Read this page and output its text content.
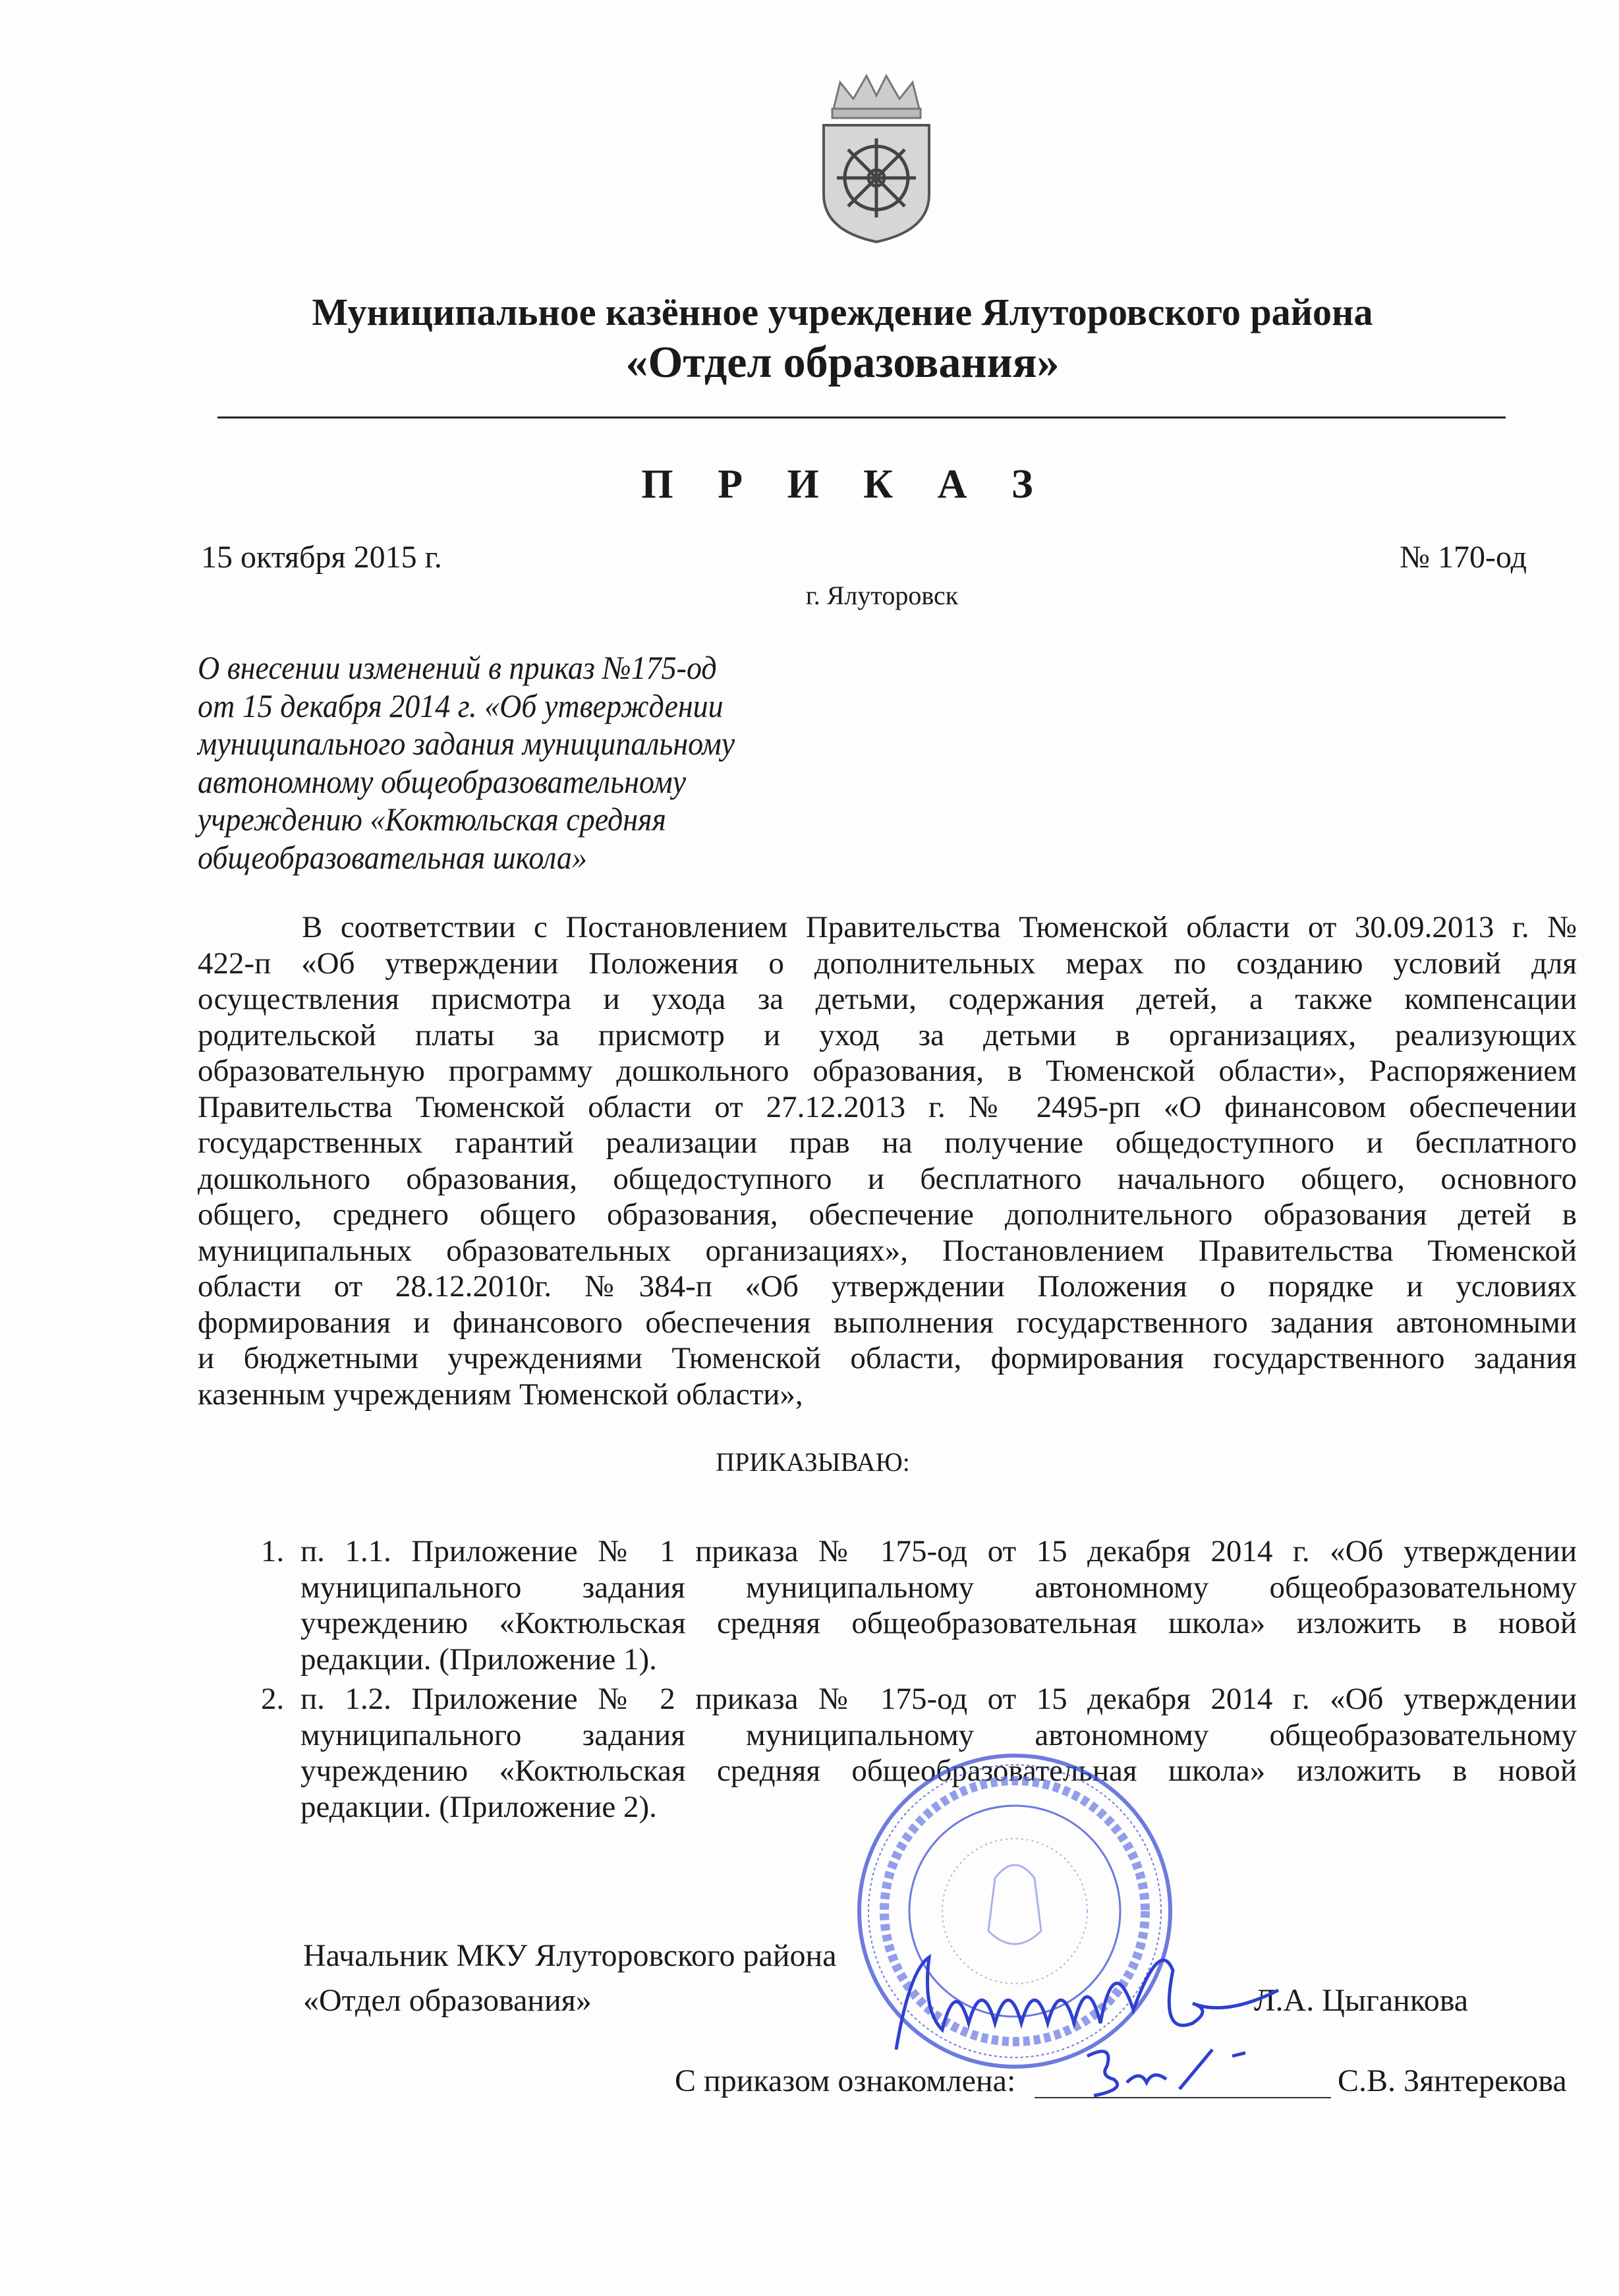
Муниципальное казённое учреждение Ялуторовского района
«Отдел образования»
П Р И К А З
15 октября 2015 г.	№ 170-од
г. Ялуторовск
О внесении изменений в приказ №175-од
от 15 декабря 2014 г. «Об утверждении
муниципального задания муниципальному
автономному общеобразовательному
учреждению «Коктюльская средняя
общеобразовательная школа»
В соответствии с Постановлением Правительства Тюменской области от 30.09.2013 г. №
422-п «Об утверждении Положения о дополнительных мерах по созданию условий для
осуществления присмотра и ухода за детьми, содержания детей, а также компенсации
родительской платы за присмотр и уход за детьми в организациях, реализующих
образовательную программу дошкольного образования, в Тюменской области», Распоряжением
Правительства Тюменской области от 27.12.2013 г. № 2495-рп «О финансовом обеспечении
государственных гарантий реализации прав на получение общедоступного и бесплатного
дошкольного образования, общедоступного и бесплатного начального общего, основного
общего, среднего общего образования, обеспечение дополнительного образования детей в
муниципальных образовательных организациях», Постановлением Правительства Тюменской
области от 28.12.2010г. №384-п «Об утверждении Положения о порядке и условиях
формирования и финансового обеспечения выполнения государственного задания автономными
и бюджетными учреждениями Тюменской области, формирования государственного задания
казенным учреждениям Тюменской области»,
ПРИКАЗЫВАЮ:
1. п. 1.1. Приложение № 1 приказа № 175-од от 15 декабря 2014 г. «Об утверждении
муниципального задания муниципальному автономному общеобразовательному
учреждению «Коктюльская средняя общеобразовательная школа» изложить в новой
редакции. (Приложение 1).
2. п. 1.2. Приложение № 2 приказа № 175-од от 15 декабря 2014 г. «Об утверждении
муниципального задания муниципальному автономному общеобразовательному
учреждению «Коктюльская средняя общеобразовательная школа» изложить в новой
редакции. (Приложение 2).
Начальник МКУ Ялуторовского района
«Отдел образования»	Л.А. Цыганкова
С приказом ознакомлена:	С.В. Зянтерекова
